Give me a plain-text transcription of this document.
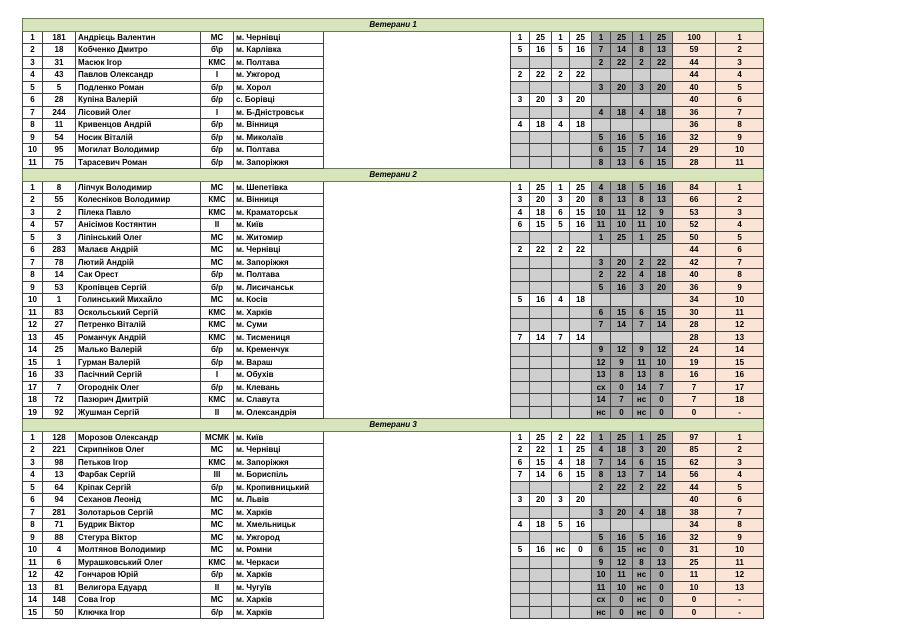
Ветерани 1															
1	181	Андрієць Валентин	МС	м. Чернівці		1	25	1	25	1	25	1	25	100	1
2	18	Кобченко Дмитро	б\р	м. Карлівка		5	16	5	16	7	14	8	13	59	2
3	31	Масюк Ігор	КМС	м. Полтава						2	22	2	22	44	3
4	43	Павлов Олександр	І	м. Ужгород		2	22	2	22					44	4
5	5	Подленко Роман	б/р	м. Хорол						3	20	3	20	40	5
6	28	Купіна Валерій	б/р	с. Борівці		3	20	3	20					40	6
7	244	Лісовий Олег	І	м. Б-Дністровськ						4	18	4	18	36	7
8	11	Кривенцов Андрій	б/р	м. Вінниця		4	18	4	18					36	8
9	54	Носик Віталій	б/р	м. Миколаїв						5	16	5	16	32	9
10	95	Могилат Володимир	б/р	м. Полтава						6	15	7	14	29	10
11	75	Тарасевич Роман	б/р	м. Запоріжжя						8	13	6	15	28	11
Ветерани 2															
1	8	Ліпчук Володимир	МС	м. Шепетівка		1	25	1	25	4	18	5	16	84	1
2	55	Колесніков Володимир	КМС	м. Вінниця		3	20	3	20	8	13	8	13	66	2
3	2	Пілека Павло	КМС	м. Краматорськ		4	18	6	15	10	11	12	9	53	3
4	57	Анісімов Костянтин	ІІ	м. Київ		6	15	5	16	11	10	11	10	52	4
5	3	Ліпінський Олег	МС	м. Житомир						1	25	1	25	50	5
6	283	Малаєв Андрій	МС	м. Чернівці		2	22	2	22					44	6
7	78	Лютий Андрій	МС	м. Запоріжжя						3	20	2	22	42	7
8	14	Сак Орест	б/р	м. Полтава						2	22	4	18	40	8
9	53	Кропівцев Сергій	б/р	м. Лисичанськ						5	16	3	20	36	9
10	1	Голинський Михайло	МС	м. Косів		5	16	4	18					34	10
11	83	Оскольський Сергій	КМС	м. Харків						6	15	6	15	30	11
12	27	Петренко Віталій	КМС	м. Суми						7	14	7	14	28	12
13	45	Романчук Андрій	КМС	м. Тисмениця		7	14	7	14					28	13
14	25	Малько Валерій	б/р	м. Кременчук						9	12	9	12	24	14
15	1	Гурман Валерій	б/р	м. Вараш						12	9	11	10	19	15
16	33	Пасічний Сергій	І	м. Обухів						13	8	13	8	16	16
17	7	Огороднік Олег	б/р	м. Клевань						сх	0	14	7	7	17
18	72	Пазюрич Дмитрій	КМС	м. Славута						14	7	нс	0	7	18
19	92	Жушман Сергій	ІІ	м. Олександрія						нс	0	нс	0	0	-
Ветерани 3															
1	128	Морозов Олександр	МСМК	м. Київ		1	25	2	22	1	25	1	25	97	1
2	221	Скрипніков Олег	МС	м. Чернівці		2	22	1	25	4	18	3	20	85	2
3	98	Петьков Ігор	КМС	м. Запоріжжя		6	15	4	18	7	14	6	15	62	3
4	13	Фарбак Сергій	ІІІ	м. Бориспіль		7	14	6	15	8	13	7	14	56	4
5	64	Кріпак Сергій	б/р	м. Кропивницький						2	22	2	22	44	5
6	94	Сеханов Леонід	МС	м. Львів		3	20	3	20					40	6
7	281	Золотарьов Сергій	МС	м. Харків						3	20	4	18	38	7
8	71	Будрик Віктор	МС	м. Хмельницьк		4	18	5	16					34	8
9	88	Стегура Віктор	МС	м. Ужгород						5	16	5	16	32	9
10	4	Молтянов Володимир	МС	м. Ромни		5	16	нс	0	6	15	нс	0	31	10
11	6	Мурашковський Олег	КМС	м. Черкаси						9	12	8	13	25	11
12	42	Гончаров Юрій	б/р	м. Харків						10	11	нс	0	11	12
13	81	Велигора Едуард	ІІ	м. Чугуїв						11	10	нс	0	10	13
14	148	Сова Ігор	МС	м. Харків						сх	0	нс	0	0	-
15	50	Ключка Ігор	б/р	м. Харків						нс	0	нс	0	0	-
